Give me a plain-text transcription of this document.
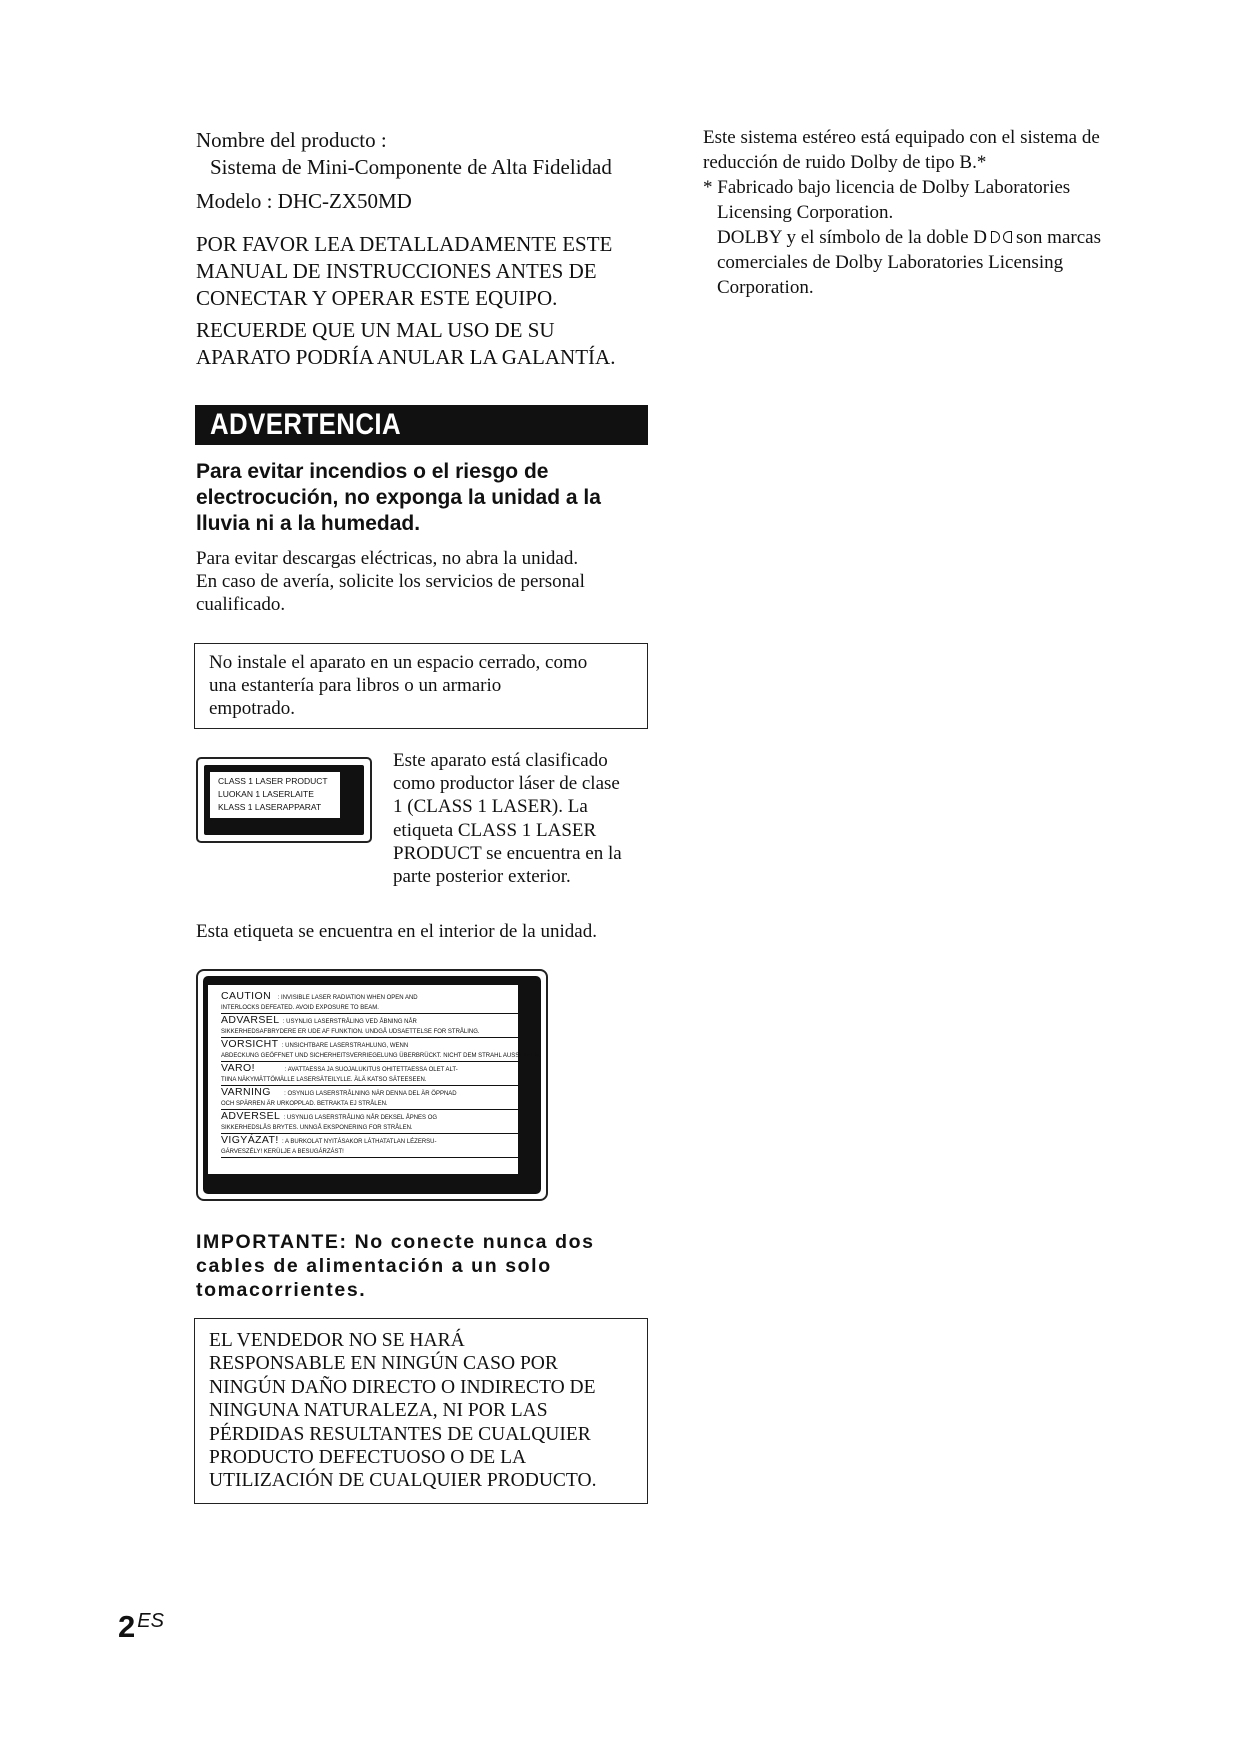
Nombre del producto :
Sistema de Mini-Componente de Alta Fidelidad
Modelo : DHC-ZX50MD
POR FAVOR LEA DETALLADAMENTE ESTE
MANUAL DE INSTRUCCIONES ANTES DE
CONECTAR Y OPERAR ESTE EQUIPO.
RECUERDE QUE UN MAL USO DE SU
APARATO PODRÍA ANULAR LA GALANTÍA.
ADVERTENCIA
Para evitar incendios o el riesgo de
electrocución, no exponga la unidad a la
lluvia ni a la humedad.
Para evitar descargas eléctricas, no abra la unidad.
En caso de avería, solicite los servicios de personal
cualificado.
No instale el aparato en un espacio cerrado, como
una estantería para libros o un armario
empotrado.
CLASS 1 LASER PRODUCT
LUOKAN 1 LASERLAITE
KLASS 1 LASERAPPARAT
Este aparato está clasificado
como productor láser de clase
1 (CLASS 1 LASER). La
etiqueta CLASS 1 LASER
PRODUCT se encuentra en la
parte posterior exterior.
Esta etiqueta se encuentra en el interior de la unidad.
CAUTION : INVISIBLE LASER RADIATION WHEN OPEN AND
INTERLOCKS DEFEATED. AVOID EXPOSURE TO BEAM.
ADVARSEL : USYNLIG LASERSTRÅLING VED ÅBNING NÅR
SIKKERHEDSAFBRYDERE ER UDE AF FUNKTION. UNDGÅ UDSAETTELSE FOR STRÅLING.
VORSICHT : UNSICHTBARE LASERSTRAHLUNG, WENN
ABDECKUNG GEÖFFNET UND SICHERHEITSVERRIEGELUNG ÜBERBRÜCKT. NICHT DEM STRAHL AUSSETZEN.
VARO!	: AVATTAESSA JA SUOJALUKITUS OHITETTAESSA OLET ALT-
TIINA NÄKYMÄTTÖMÄLLE LASERSÄTEILYLLE. ÄLÄ KATSO SÄTEESEEN.
VARNING : OSYNLIG LASERSTRÅLNING NÄR DENNA DEL ÄR ÖPPNAD
OCH SPÄRREN ÄR URKOPPLAD. BETRAKTA EJ STRÅLEN.
ADVERSEL : USYNLIG LASERSTRÅLING NÅR DEKSEL ÅPNES OG
SIKKERHEDSLÅS BRYTES. UNNGÅ EKSPONERING FOR STRÅLEN.
VIGYÁZAT! : A BURKOLAT NYITÁSAKOR LÁTHATATLAN LÉZERSU-
GÁRVESZÉLY! KERÜLJE A BESUGÁRZÁST!
IMPORTANTE: No conecte nunca dos
cables de alimentación a un solo
tomacorrientes.
EL VENDEDOR NO SE HARÁ
RESPONSABLE EN NINGÚN CASO POR
NINGÚN DAÑO DIRECTO O INDIRECTO DE
NINGUNA NATURALEZA, NI POR LAS
PÉRDIDAS RESULTANTES DE CUALQUIER
PRODUCTO DEFECTUOSO O DE LA
UTILIZACIÓN DE CUALQUIER PRODUCTO.
2 ES
Este sistema estéreo está equipado con el sistema de
reducción de ruido Dolby de tipo B.*
* Fabricado bajo licencia de Dolby Laboratories
Licensing Corporation.
DOLBY y el símbolo de la doble D son marcas
comerciales de Dolby Laboratories Licensing
Corporation.
